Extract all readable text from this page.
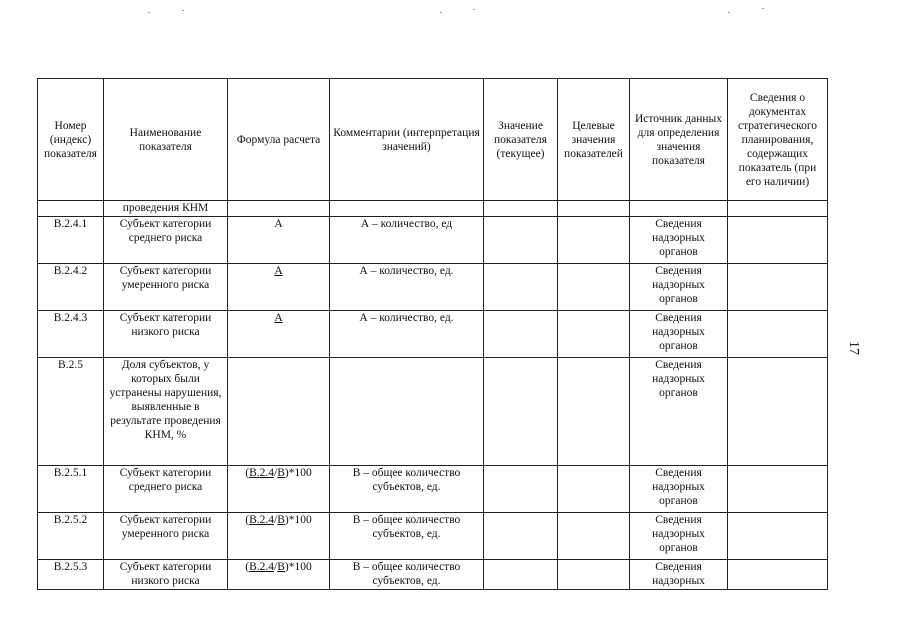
Номер (индекс) показателя	Наименование показателя	Формула расчета	Комментарии (интерпретация значений)	Значение показателя (текущее)	Целевые значения показателей	Источник данных для определения значения показателя	Сведения о документах стратегического планирования, содержащих показатель (при его наличии)
	проведения КНМ						
В.2.4.1	Субъект категории среднего риска	А	А – количество, ед			Сведения надзорных органов	
В.2.4.2	Субъект категории умеренного риска	А	А – количество, ед.			Сведения надзорных органов	
В.2.4.3	Субъект категории низкого риска	А	А – количество, ед.			Сведения надзорных органов	
В.2.5	Доля субъектов, у которых были устранены нарушения, выявленные в результате проведения КНМ, %					Сведения надзорных органов	
В.2.5.1	Субъект категории среднего риска	(В.2.4/В)*100	В – общее количество субъектов, ед.			Сведения надзорных органов	
В.2.5.2	Субъект категории умеренного риска	(В.2.4/В)*100	В – общее количество субъектов, ед.			Сведения надзорных органов	
В.2.5.3	Субъект категории низкого риска	(В.2.4/В)*100	В – общее количество субъектов, ед.			Сведения надзорных	
17
